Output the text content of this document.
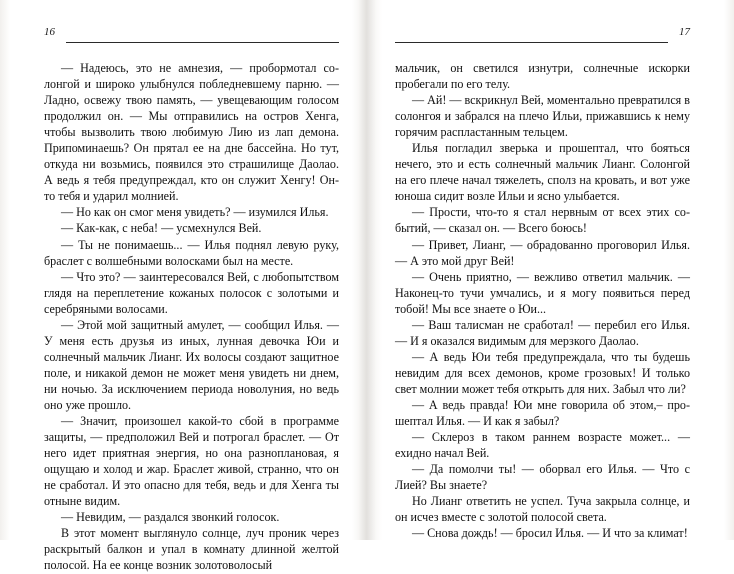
16

— Надеюсь, это не амнезия, — пробормотал солонгой и широко улыбнулся побледневшему парню. — Ладно, освежу твою память, — увещевающим голосом продолжил он. — Мы отправились на остров Хенга, чтобы вызволить твою любимую Лию из лап демона. Припоминаешь? Он прятал ее на дне бассейна. Но тут, откуда ни возьмись, появился это страшилище Даолао. А ведь я тебя предупреждал, кто он служит Хенгу! Он-то тебя и ударил молнией.

— Но как он смог меня увидеть? — изумился Илья.

— Как-как, с неба! — усмехнулся Вей.

— Ты не понимаешь... — Илья поднял левую руку, браслет с волшебными волосками был на месте.

— Что это? — заинтересовался Вей, с любопытством глядя на переплетение кожаных полосок с золотыми и серебряными волосами.

— Этой мой защитный амулет, — сообщил Илья. — У меня есть друзья из иных, лунная девочка Юи и солнечный мальчик Лианг. Их волосы создают защитное поле, и никакой демон не может меня увидеть ни днем, ни ночью. За исключением периода новолуния, но ведь оно уже прошло.

— Значит, произошел какой-то сбой в программе защиты, — предположил Вей и потрогал браслет. — От него идет приятная энергия, но она разноплановая, я ощущаю и холод и жар. Браслет живой, странно, что он не сработал. И это опасно для тебя, ведь и для Хенга ты отныне видим.

— Невидим, — раздался звонкий голосок.

В этот момент выглянуло солнце, луч проник через раскрытый балкон и упал в комнату длинной желтой полосой. На ее конце возник золотоволосый

17

мальчик, он светился изнутри, солнечные искорки пробегали по его телу.

— Ай! — вскрикнул Вей, моментально превратился в солонгоя и забрался на плечо Ильи, прижавшись к нему горячим распластанным тельцем.

Илья погладил зверька и прошептал, что бояться нечего, это и есть солнечный мальчик Лианг. Солонгой на его плече начал тяжелеть, сполз на кровать, и вот уже юноша сидит возле Ильи и ясно улыбается.

— Прости, что-то я стал нервным от всех этих событий, — сказал он. — Всего боюсь!

— Привет, Лианг, — обрадованно проговорил Илья. — А это мой друг Вей!

— Очень приятно, — вежливо ответил мальчик. — Наконец-то тучи умчались, и я могу появиться перед тобой! Мы все знаете о Юи...

— Ваш талисман не сработал! — перебил его Илья. — И я оказался видимым для мерзкого Даолао.

— А ведь Юи тебя предупреждала, что ты будешь невидим для всех демонов, кроме грозовых! И только свет молнии может тебя открыть для них. Забыл что ли?

— А ведь правда! Юи мне говорила об этом,– прошептал Илья. — И как я забыл?

— Склероз в таком раннем возрасте может... — ехидно начал Вей.

— Да помолчи ты! — оборвал его Илья. — Что с Лией? Вы знаете?

Но Лианг ответить не успел. Туча закрыла солнце, и он исчез вместе с золотой полосой света.

— Снова дождь! — бросил Илья. — И что за климат!
